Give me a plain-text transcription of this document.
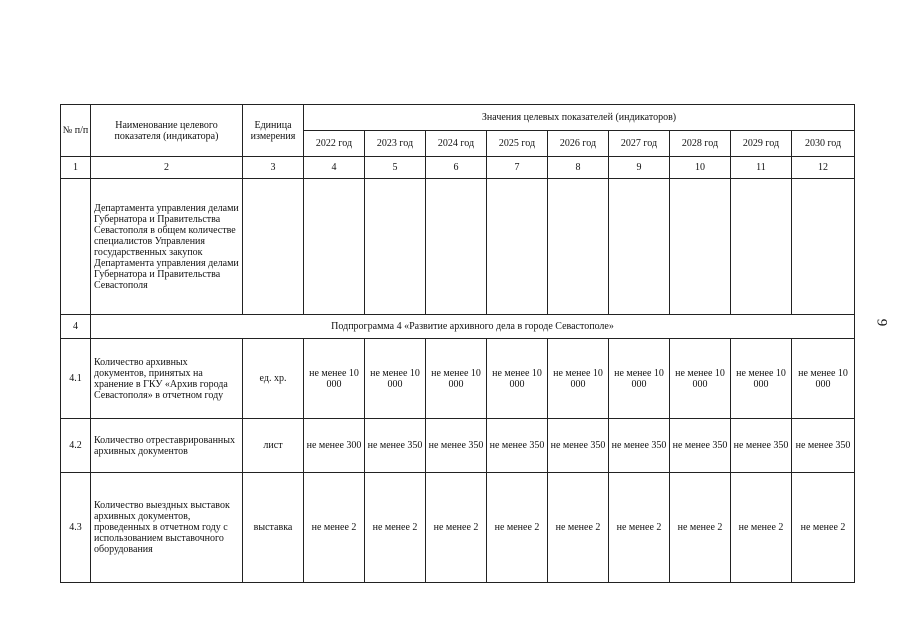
№ п/п	Наименование целевого показателя (индикатора)	Единица измерения	Значения целевых показателей (индикаторов)								
			2022 год	2023 год	2024 год	2025 год	2026 год	2027 год	2028 год	2029 год	2030 год
1	2	3	4	5	6	7	8	9	10	11	12
	Департамента управления делами Губернатора и Правительства Севастополя в общем количестве специалистов Управления государственных закупок Департамента управления делами Губернатора и Правительства Севастополя										
4	Подпрограмма 4 «Развитие архивного дела в городе Севастополе»										
4.1	Количество архивных документов, принятых на хранение в ГКУ «Архив города Севастополя» в отчетном году	ед. хр.	не менее 10 000	не менее 10 000	не менее 10 000	не менее 10 000	не менее 10 000	не менее 10 000	не менее 10 000	не менее 10 000	не менее 10 000
4.2	Количество отреставрированных архивных документов	лист	не менее 300	не менее 350	не менее 350	не менее 350	не менее 350	не менее 350	не менее 350	не менее 350	не менее 350
4.3	Количество выездных выставок архивных документов, проведенных в отчетном году с использованием выставочного оборудования	выставка	не менее 2	не менее 2	не менее 2	не менее 2	не менее 2	не менее 2	не менее 2	не менее 2	не менее 2
9
